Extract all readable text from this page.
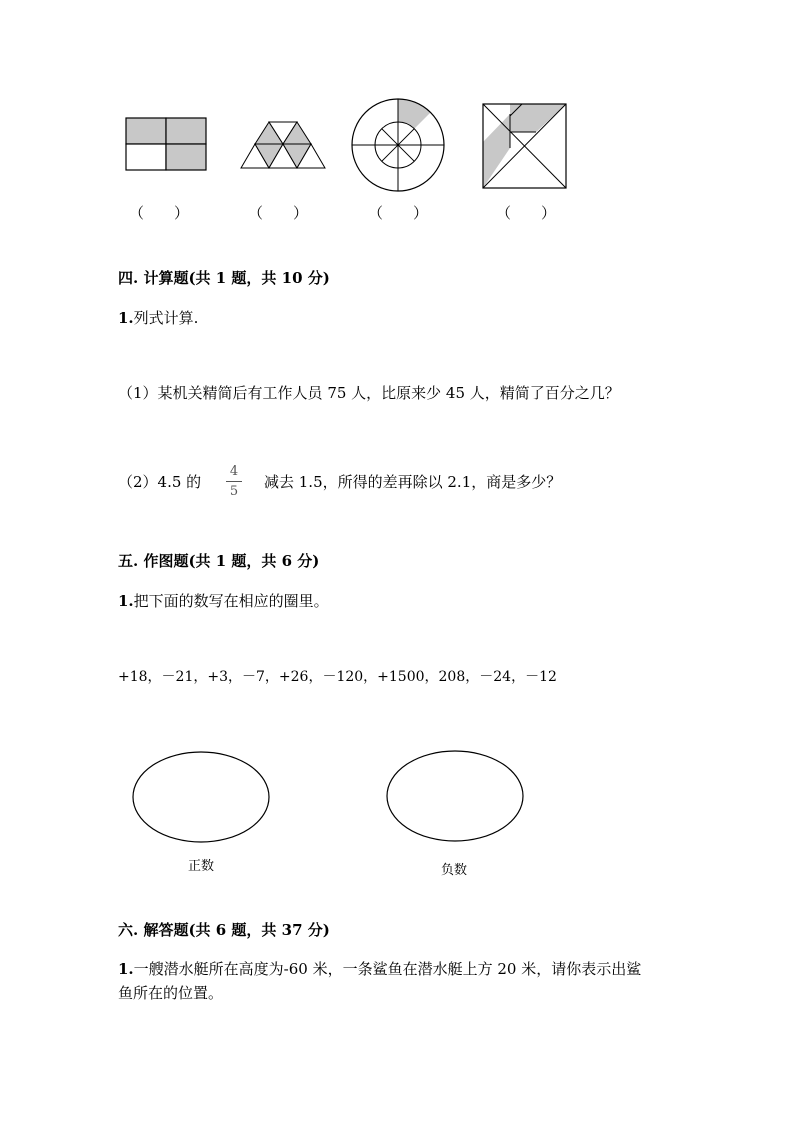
（　　）	（　　）	（　　）	（　　）
四. 计算题(共 1 题，共 10 分)
1.列式计算.
（1）某机关精简后有工作人员 75 人，比原来少 45 人，精简了百分之几？
（2）4.5 的
4
5
减去 1.5，所得的差再除以 2.1，商是多少？
五. 作图题(共 1 题，共 6 分)
1.把下面的数写在相应的圈里。
+18，－21，+3，－7，+26，－120，+1500，208，－24，－12
正数	负数
六. 解答题(共 6 题，共 37 分)
1.一艘潜水艇所在高度为-60 米，一条鲨鱼在潜水艇上方 20 米，请你表示出鲨
鱼所在的位置。
